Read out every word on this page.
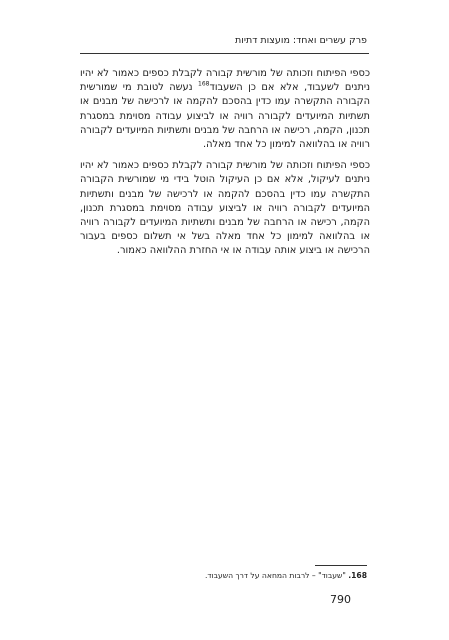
פרק עשרים ואחד: מועצות דתיות

כספי הפיתוח וזכותה של מורשית קבורה לקבלת כספים כאמור לא יהיו ניתנים לשעבוד, אלא אם כן השעבוד$^{168}$ נעשה לטובת מי שמורשית הקבורה התקשרה עמו כדין בהסכם להקמה או לרכישה של מבנים או תשתיות המיועדים לקבורה רוויה או לביצוע עבודה מסוימת במסגרת תכנון, הקמה, רכישה או הרחבה של מבנים ותשתיות המיועדים לקבורה רוויה או בהלוואה למימון כל אחד מאלה.

כספי הפיתוח וזכותה של מורשית קבורה לקבלת כספים כאמור לא יהיו ניתנים לעיקול, אלא אם כן העיקול הוטל בידי מי שמורשית הקבורה התקשרה עמו כדין בהסכם להקמה או לרכישה של מבנים ותשתיות המיועדים לקבורה רוויה או לביצוע עבודה מסוימת במסגרת תכנון, הקמה, רכישה או הרחבה של מבנים ותשתיות המיועדים לקבורה רוויה או בהלוואה למימון כל אחד מאלה בשל אי תשלום כספים בעבור הרכישה או ביצוע אותה עבודה או אי החזרת ההלוואה כאמור.

168. "שעבוד" – לרבות המחאה על דרך השעבוד.
790
